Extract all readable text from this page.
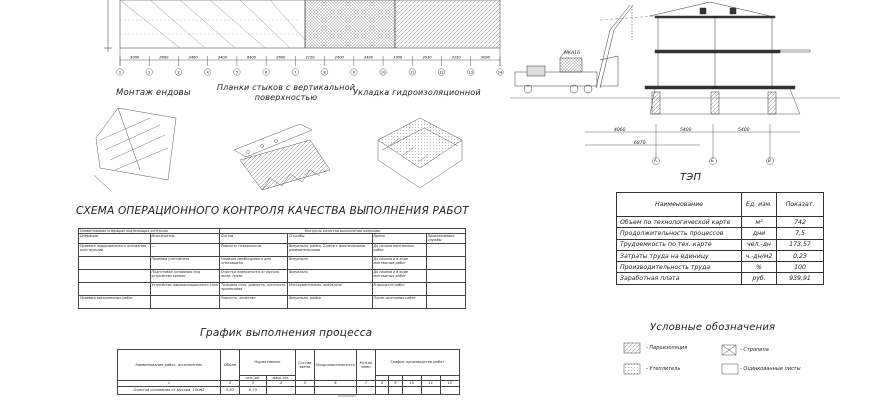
3090	2600	3400	3400	6400	2600	3150	2400	3400	3300	3030	3150	3090
1	2	3	4	5	6	7	8	9	10	11	12	13	14
Монтаж ендовы
Планки стыков с вертикальной поверхностью
Укладка гидроизоляционной
МКА16
4060	5400	5400
6870
А	Б	В
СХЕМА ОПЕРАЦИОННОГО КОНТРОЛЯ КАЧЕСТВА ВЫПОЛНЕНИЯ РАБОТ
Наименование операций подлежащих контролю		Контроль качества выполнения операции			
Операции	Исполнитель	Состав	Способы	Время	Привлекаемые службы
Приемка подкровельного основания конструкции	—	Ровность поверхности	Визуально, рейка, 2-метр с фактическими измерительными	До начала монтажных работ	
	Приемка утеплителя	Наличие необходимого для огнезащиты	Визуально	До начала и в ходе монтажных работ	
	Подготовка основания под устройство кровли	Очистка поверхности от мусора, пыли, грязи	Визуально	До начала и в ходе монтажных работ	
	Устройство пароизоляционного слоя	Толщина слоя, ровность, плотность прилегания	Инструментально, визуально	В процессе работ	
Приемка выполненных работ		Ровность, качество	Визуально, рейка	После окончания работ	
График выполнения процесса
Наименование работ, исполнитель	Объем	Нормативные		Состав звена	Продолжительность	Кол-во смен	График производства работ				
		чел.-дн.	маш.-см.								
1	2	3	4	5	6	7	8	9	10	11	12
Очистка основания от мусора, 100м2	5,83	0,73									
ТЭП
Наименование	Ед. изм.	Показат.
Объем по технологической карте	м²	742
Продолжительность процессов	дни	7,5
Трудоемкость по тех. карте	чел.-дн	173,57
Затраты труда на единицу	ч.-дн/м2	0,23
Производительность труда	%	100
Заработная плата	руб.	939,91
Условные обозначения
- Пароизоляция	- Стропила
- Утеплитель	- Оцинкованные листы
